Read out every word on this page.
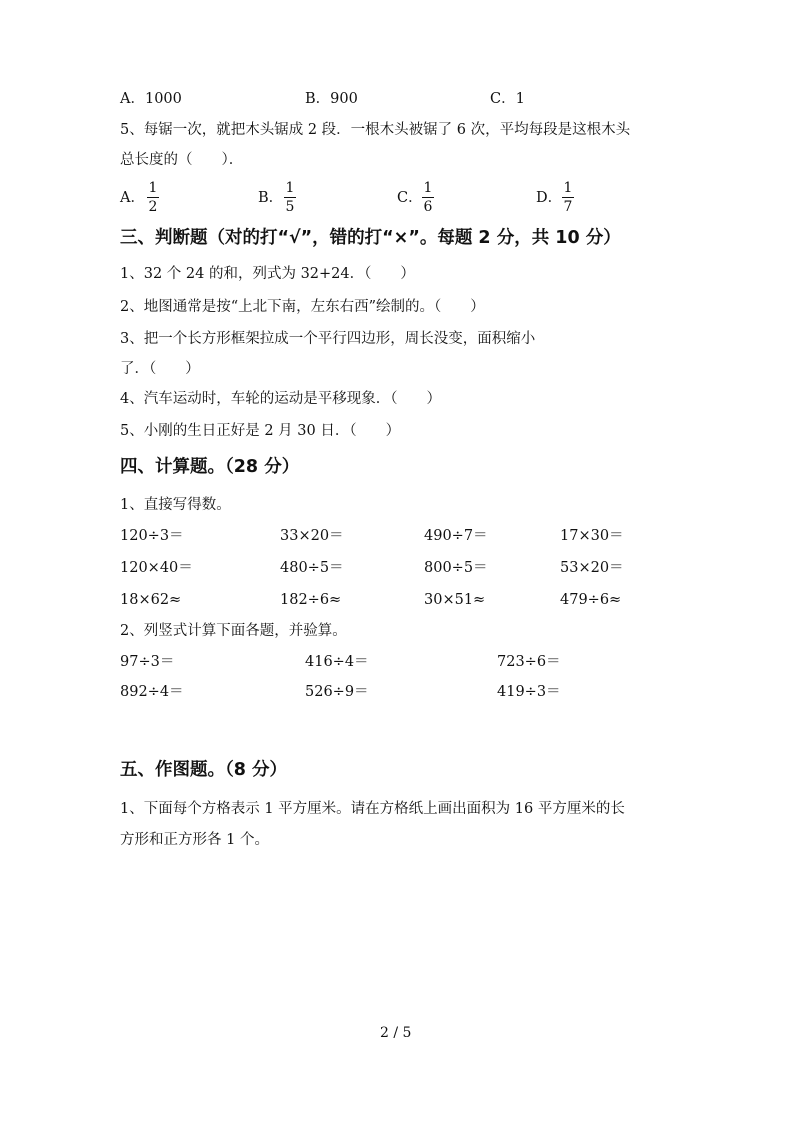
A．1000	B．900	C．1
5、每锯一次，就把木头锯成 2 段．一根木头被锯了 6 次，平均每段是这根木头
总长度的（　　）．
A．
1
2
B．
1
5
C．
1
6
D．
1
7
三、判断题（对的打“√”，错的打“×”。每题 2 分，共 10 分）
1、32 个 24 的和，列式为 32+24．（　　）
2、地图通常是按“上北下南，左东右西”绘制的。（　　）
3、把一个长方形框架拉成一个平行四边形，周长没变，面积缩小
了．（　　）
4、汽车运动时，车轮的运动是平移现象．（　　）
5、小刚的生日正好是 2 月 30 日．（　　）
四、计算题。（28 分）
1、直接写得数。
120÷3＝	33×20＝	490÷7＝	17×30＝
120×40＝	480÷5＝	800÷5＝	53×20＝
18×62≈	182÷6≈	30×51≈	479÷6≈
2、列竖式计算下面各题，并验算。
97÷3＝	416÷4＝	723÷6＝
892÷4＝	526÷9＝	419÷3＝
五、作图题。（8 分）
1、下面每个方格表示 1 平方厘米。请在方格纸上画出面积为 16 平方厘米的长
方形和正方形各 1 个。
2 / 5
